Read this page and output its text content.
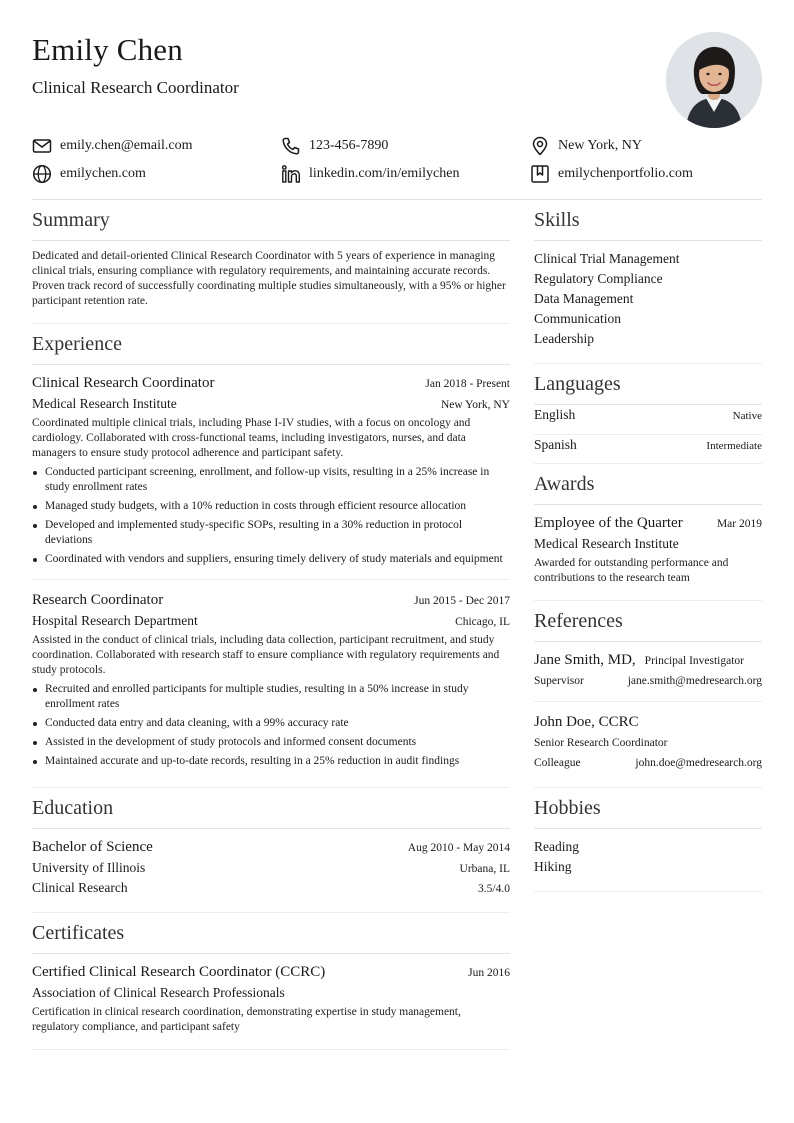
Emily Chen
Clinical Research Coordinator
emily.chen@email.com	123-456-7890	New York, NY
emilychen.com	linkedin.com/in/emilychen	emilychenportfolio.com
Summary

Dedicated and detail-oriented Clinical Research Coordinator with 5 years of experience in managing clinical trials, ensuring compliance with regulatory requirements, and maintaining accurate records. Proven track record of successfully coordinating multiple studies simultaneously, with a 95% or higher participant retention rate.

Experience
Clinical Research Coordinator	Jan 2018 - Present
Medical Research Institute	New York, NY

Coordinated multiple clinical trials, including Phase I-IV studies, with a focus on oncology and cardiology. Collaborated with cross-functional teams, including investigators, nurses, and data managers to ensure study protocol adherence and participant safety.

Conducted participant screening, enrollment, and follow-up visits, resulting in a 25% increase in study enrollment rates
Managed study budgets, with a 10% reduction in costs through efficient resource allocation
Developed and implemented study-specific SOPs, resulting in a 30% reduction in protocol deviations
Coordinated with vendors and suppliers, ensuring timely delivery of study materials and equipment
Research Coordinator	Jun 2015 - Dec 2017
Hospital Research Department	Chicago, IL

Assisted in the conduct of clinical trials, including data collection, participant recruitment, and study coordination. Collaborated with research staff to ensure compliance with regulatory requirements and study protocols.

Recruited and enrolled participants for multiple studies, resulting in a 50% increase in study enrollment rates
Conducted data entry and data cleaning, with a 99% accuracy rate
Assisted in the development of study protocols and informed consent documents
Maintained accurate and up-to-date records, resulting in a 25% reduction in audit findings
Education
Bachelor of Science	Aug 2010 - May 2014
University of Illinois	Urbana, IL
Clinical Research	3.5/4.0
Certificates
Certified Clinical Research Coordinator (CCRC)	Jun 2016
Association of Clinical Research Professionals

Certification in clinical research coordination, demonstrating expertise in study management, regulatory compliance, and participant safety

Skills
Clinical Trial Management
Regulatory Compliance
Data Management
Communication
Leadership
Languages
English	Native
Spanish	Intermediate
Awards
Employee of the Quarter	Mar 2019
Medical Research Institute

Awarded for outstanding performance and contributions to the research team

References
Jane Smith, MD, Principal Investigator
Supervisor	jane.smith@medresearch.org
John Doe, CCRC
Senior Research Coordinator
Colleague	john.doe@medresearch.org
Hobbies
Reading
Hiking
